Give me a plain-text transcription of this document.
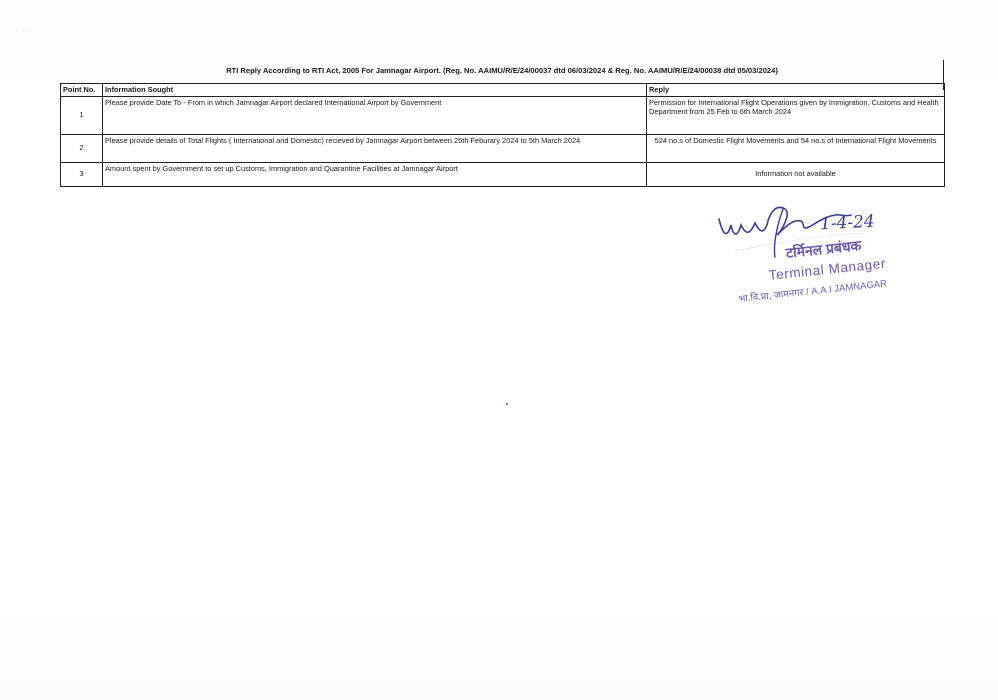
· ·
RTI Reply According to RTI Act, 2005 For Jamnagar Airport. (Reg. No. AAIMU/R/E/24/00037 dtd 06/03/2024 & Reg. No. AAIMU/R/E/24/00038 dtd 05/03/2024)
Point No.	Information Sought	Reply
1	Please provide Date To - From in which Jamnagar Airport declared International Airport by Government	Permission for International Flight Operations given by Immigration, Customs and Health Department from 25 Feb to 6th March 2024
2	Please provide details of Total Flights ( International and Domestic) recieved by Jamnagar Airport between 25th Feburary 2024 to 5th March 2024	524 no.s of Domestic Flight Movements and 54 no.s of International Flight Movements
3	Amount spent by Government to set up Customs, Immigration and Quarantine Facilities at Jamnagar Airport	Information not available
1-4-24
टर्मिनल प्रबंधक
Terminal Manager
भा.वि.प्रा, जामनगर / A.A.I JAMNAGAR
